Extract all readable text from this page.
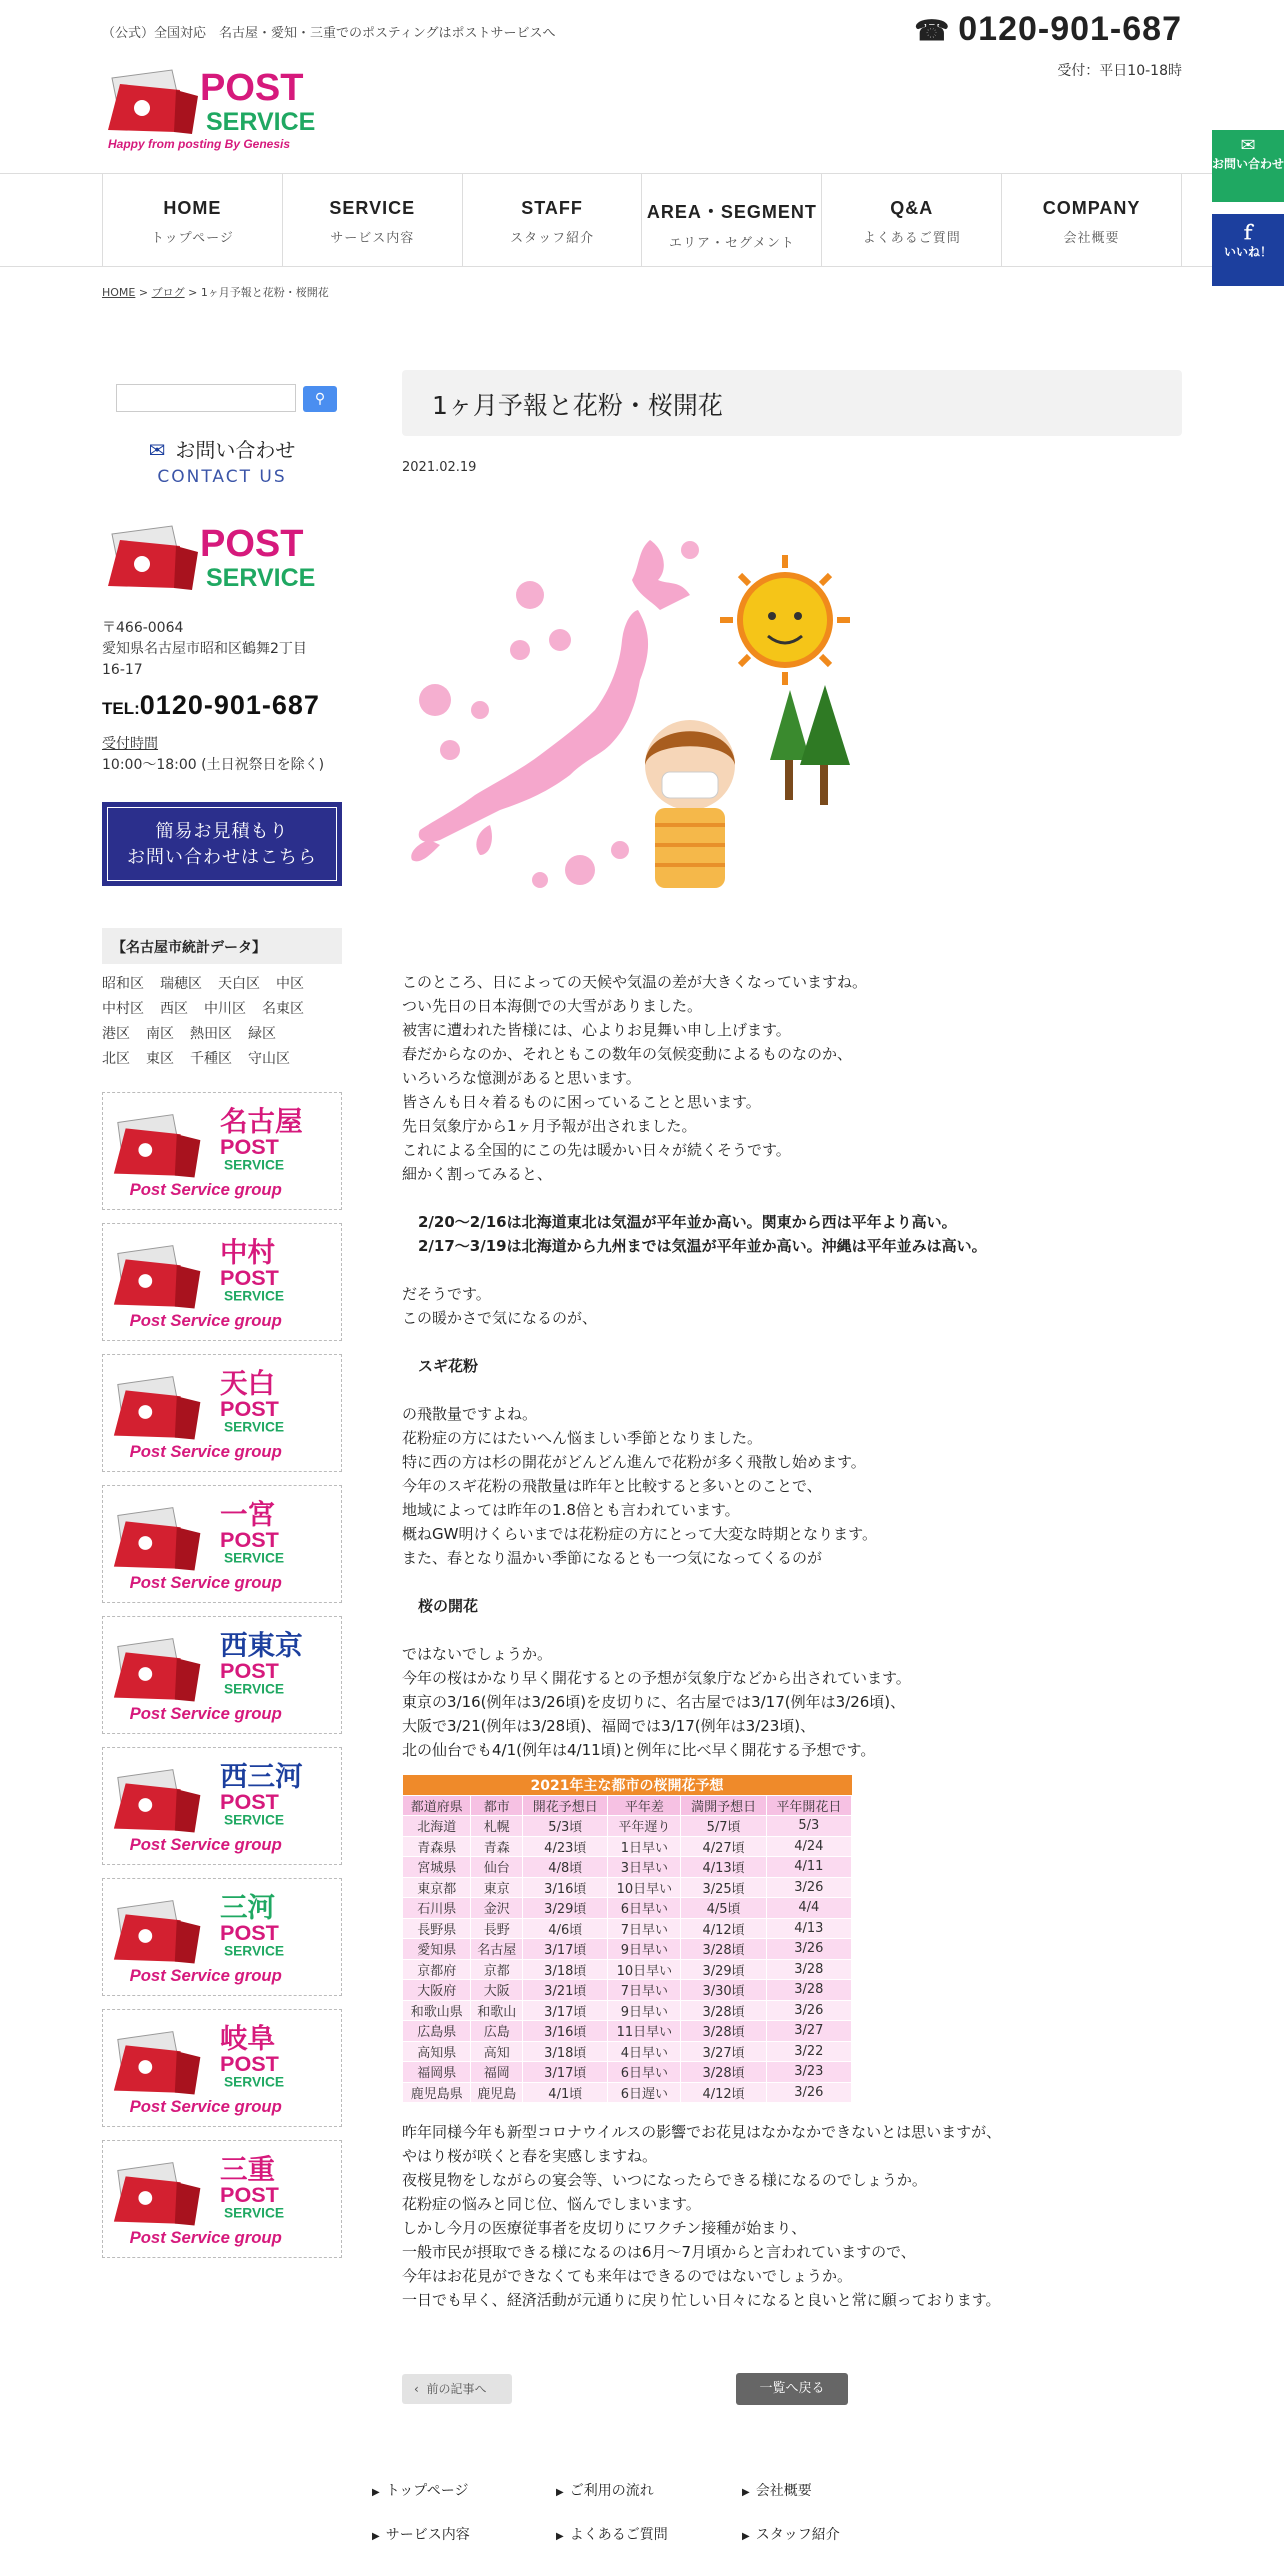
（公式）全国対応　名古屋・愛知・三重でのポスティングはポストサービスへ	☎ 0120-901-687
受付：平日10-18時
POST
SERVICE
Happy from posting By Genesis
HOME
トップページ
SERVICE
サービス内容
STAFF
スタッフ紹介
AREA・SEGMENT
エリア・セグメント
Q&A
よくあるご質問
COMPANY
会社概要
✉
お問い合わせ
ｆ
いいね！
HOME > ブログ > 1ヶ月予報と花粉・桜開花
⚲
✉ お問い合わせ
CONTACT US
POST
SERVICE
〒466-0064
愛知県名古屋市昭和区鶴舞2丁目
16-17
TEL:0120-901-687
受付時間
10:00〜18:00 (土日祝祭日を除く)
簡易お見積もり
お問い合わせはこちら
【名古屋市統計データ】
昭和区 瑞穂区 天白区 中区
中村区 西区 中川区 名東区
港区 南区 熱田区 緑区
北区 東区 千種区 守山区
名古屋
POST
SERVICE
Post Service group
中村
POST
SERVICE
Post Service group
天白
POST
SERVICE
Post Service group
一宮
POST
SERVICE
Post Service group
西東京
POST
SERVICE
Post Service group
西三河
POST
SERVICE
Post Service group
三河
POST
SERVICE
Post Service group
岐阜
POST
SERVICE
Post Service group
三重
POST
SERVICE
Post Service group
1ヶ月予報と花粉・桜開花
2021.02.19

このところ、日によっての天候や気温の差が大きくなっていますね。

つい先日の日本海側での大雪がありました。

被害に遭われた皆様には、心よりお見舞い申し上げます。

春だからなのか、それともこの数年の気候変動によるものなのか、

いろいろな憶測があると思います。

皆さんも日々着るものに困っていることと思います。

先日気象庁から1ヶ月予報が出されました。

これによる全国的にこの先は暖かい日々が続くそうです。

細かく割ってみると、

2/20〜2/16は北海道東北は気温が平年並か高い。関東から西は平年より高い。

2/17〜3/19は北海道から九州までは気温が平年並か高い。沖縄は平年並みは高い。

だそうです。

この暖かさで気になるのが、

スギ花粉

の飛散量ですよね。

花粉症の方にはたいへん悩ましい季節となりました。

特に西の方は杉の開花がどんどん進んで花粉が多く飛散し始めます。

今年のスギ花粉の飛散量は昨年と比較すると多いとのことで、

地域によっては昨年の1.8倍とも言われています。

概ねGW明けくらいまでは花粉症の方にとって大変な時期となります。

また、春となり温かい季節になるとも一つ気になってくるのが

桜の開花

ではないでしょうか。

今年の桜はかなり早く開花するとの予想が気象庁などから出されています。

東京の3/16(例年は3/26頃)を皮切りに、名古屋では3/17(例年は3/26頃)、

大阪で3/21(例年は3/28頃)、福岡では3/17(例年は3/23頃)、

北の仙台でも4/1(例年は4/11頃)と例年に比べ早く開花する予想です。

2021年主な都市の桜開花予想					
都道府県	都市	開花予想日	平年差	満開予想日	平年開花日
北海道	札幌	5/3頃	平年遅り	5/7頃	5/3
青森県	青森	4/23頃	1日早い	4/27頃	4/24
宮城県	仙台	4/8頃	3日早い	4/13頃	4/11
東京都	東京	3/16頃	10日早い	3/25頃	3/26
石川県	金沢	3/29頃	6日早い	4/5頃	4/4
長野県	長野	4/6頃	7日早い	4/12頃	4/13
愛知県	名古屋	3/17頃	9日早い	3/28頃	3/26
京都府	京都	3/18頃	10日早い	3/29頃	3/28
大阪府	大阪	3/21頃	7日早い	3/30頃	3/28
和歌山県	和歌山	3/17頃	9日早い	3/28頃	3/26
広島県	広島	3/16頃	11日早い	3/28頃	3/27
高知県	高知	3/18頃	4日早い	3/27頃	3/22
福岡県	福岡	3/17頃	6日早い	3/28頃	3/23
鹿児島県	鹿児島	4/1頃	6日遅い	4/12頃	3/26

昨年同様今年も新型コロナウイルスの影響でお花見はなかなかできないとは思いますが、

やはり桜が咲くと春を実感しますね。

夜桜見物をしながらの宴会等、いつになったらできる様になるのでしょうか。

花粉症の悩みと同じ位、悩んでしまいます。

しかし今月の医療従事者を皮切りにワクチン接種が始まり、

一般市民が摂取できる様になるのは6月〜7月頃からと言われていますので、

今年はお花見ができなくても来年はできるのではないでしょうか。

一日でも早く、経済活動が元通りに戻り忙しい日々になると良いと常に願っております。

‹ 前の記事へ	一覧へ戻る
▶ トップページ	▶ ご利用の流れ	▶ 会社概要
▶ サービス内容	▶ よくあるご質問	▶ スタッフ紹介
